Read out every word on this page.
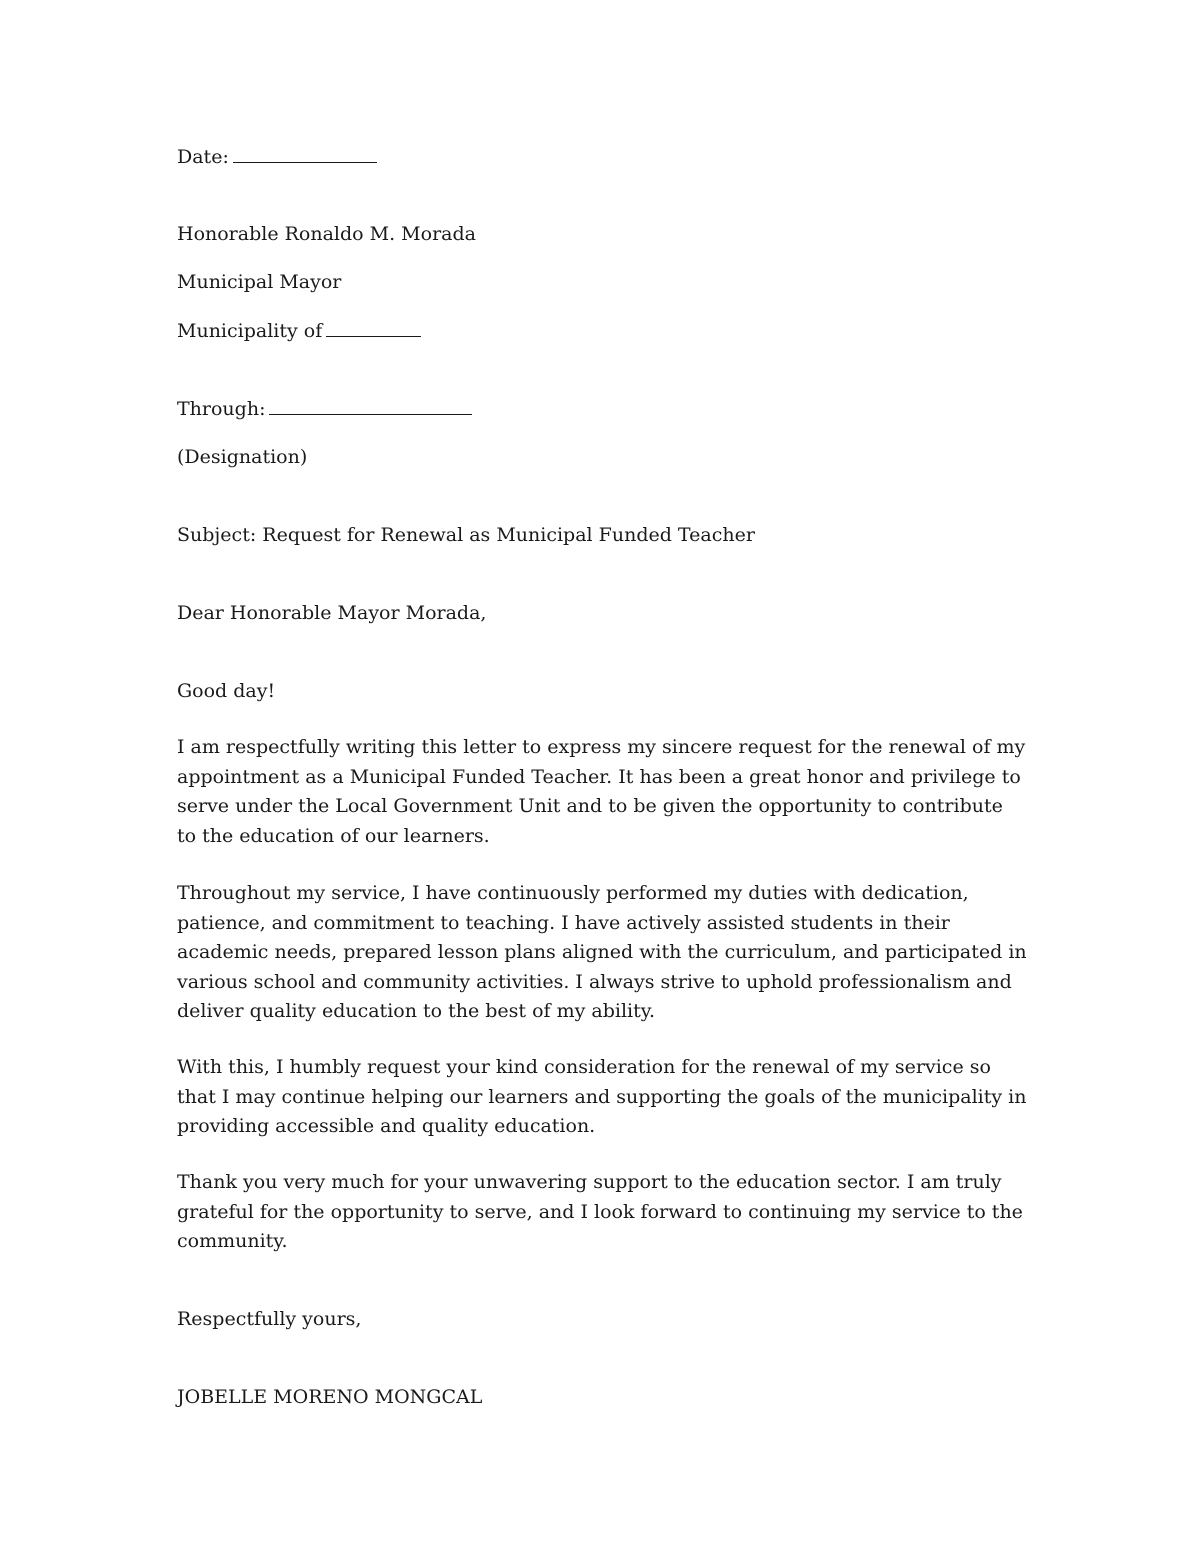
Date:
Honorable Ronaldo M. Morada
Municipal Mayor
Municipality of
Through:
(Designation)
Subject: Request for Renewal as Municipal Funded Teacher
Dear Honorable Mayor Morada,
Good day!
I am respectfully writing this letter to express my sincere request for the renewal of my appointment as a Municipal Funded Teacher. It has been a great honor and privilege to serve under the Local Government Unit and to be given the opportunity to contribute to the education of our learners.
Throughout my service, I have continuously performed my duties with dedication, patience, and commitment to teaching. I have actively assisted students in their academic needs, prepared lesson plans aligned with the curriculum, and participated in various school and community activities. I always strive to uphold professionalism and deliver quality education to the best of my ability.
With this, I humbly request your kind consideration for the renewal of my service so that I may continue helping our learners and supporting the goals of the municipality in providing accessible and quality education.
Thank you very much for your unwavering support to the education sector. I am truly grateful for the opportunity to serve, and I look forward to continuing my service to the community.
Respectfully yours,
JOBELLE MORENO MONGCAL
